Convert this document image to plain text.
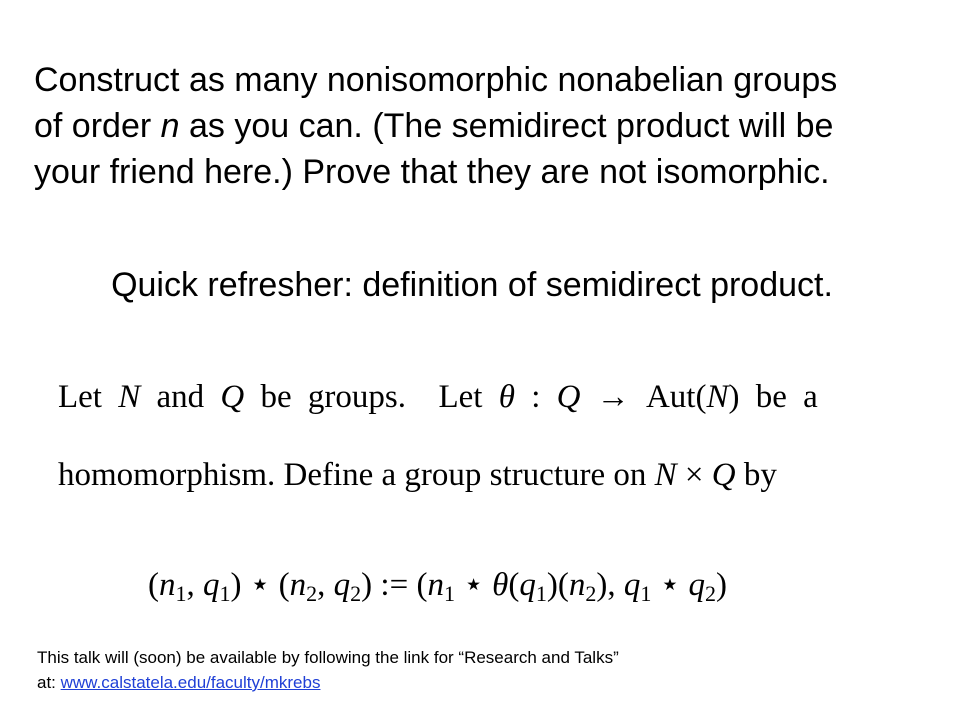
Construct as many nonisomorphic nonabelian groups
of order n as you can. (The semidirect product will be
your friend here.) Prove that they are not isomorphic.

Quick refresher: definition of semidirect product.

Let N and Q be groups. Let θ : Q → Aut(N) be a
homomorphism. Define a group structure on N × Q by
($n_1$, $q_1$) ⋆ ($n_2$, $q_2$) := ($n_1$ ⋆ $\theta(q_1)(n_2)$, $q_1$ ⋆ $q_2$)
This talk will (soon) be available by following the link for “Research and Talks”
at: www.calstatela.edu/faculty/mkrebs
